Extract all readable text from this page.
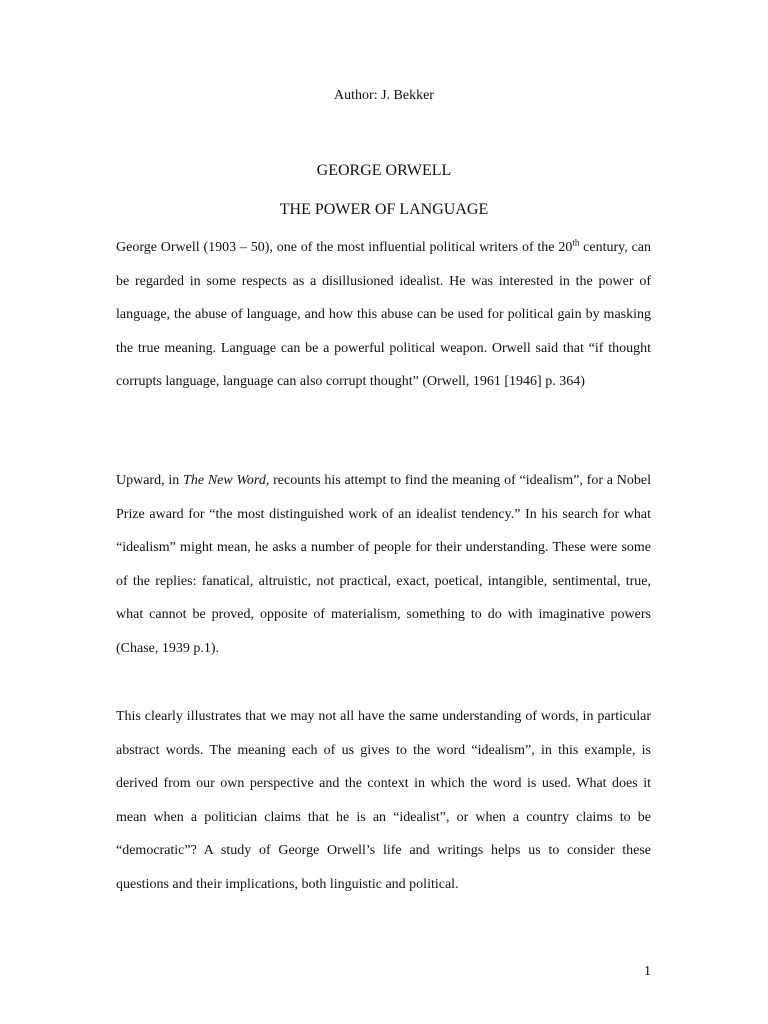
Author: J. Bekker
GEORGE ORWELL
THE POWER OF LANGUAGE

George Orwell (1903 – 50), one of the most influential political writers of the 20th century, can be regarded in some respects as a disillusioned idealist. He was interested in the power of language, the abuse of language, and how this abuse can be used for political gain by masking the true meaning. Language can be a powerful political weapon. Orwell said that “if thought corrupts language, language can also corrupt thought” (Orwell, 1961 [1946] p. 364)

Upward, in The New Word, recounts his attempt to find the meaning of “idealism”, for a Nobel Prize award for “the most distinguished work of an idealist tendency.” In his search for what “idealism” might mean, he asks a number of people for their understanding. These were some of the replies: fanatical, altruistic, not practical, exact, poetical, intangible, sentimental, true, what cannot be proved, opposite of materialism, something to do with imaginative powers (Chase, 1939 p.1).

This clearly illustrates that we may not all have the same understanding of words, in particular abstract words. The meaning each of us gives to the word “idealism”, in this example, is derived from our own perspective and the context in which the word is used. What does it mean when a politician claims that he is an “idealist”, or when a country claims to be “democratic”? A study of George Orwell’s life and writings helps us to consider these questions and their implications, both linguistic and political.

1
